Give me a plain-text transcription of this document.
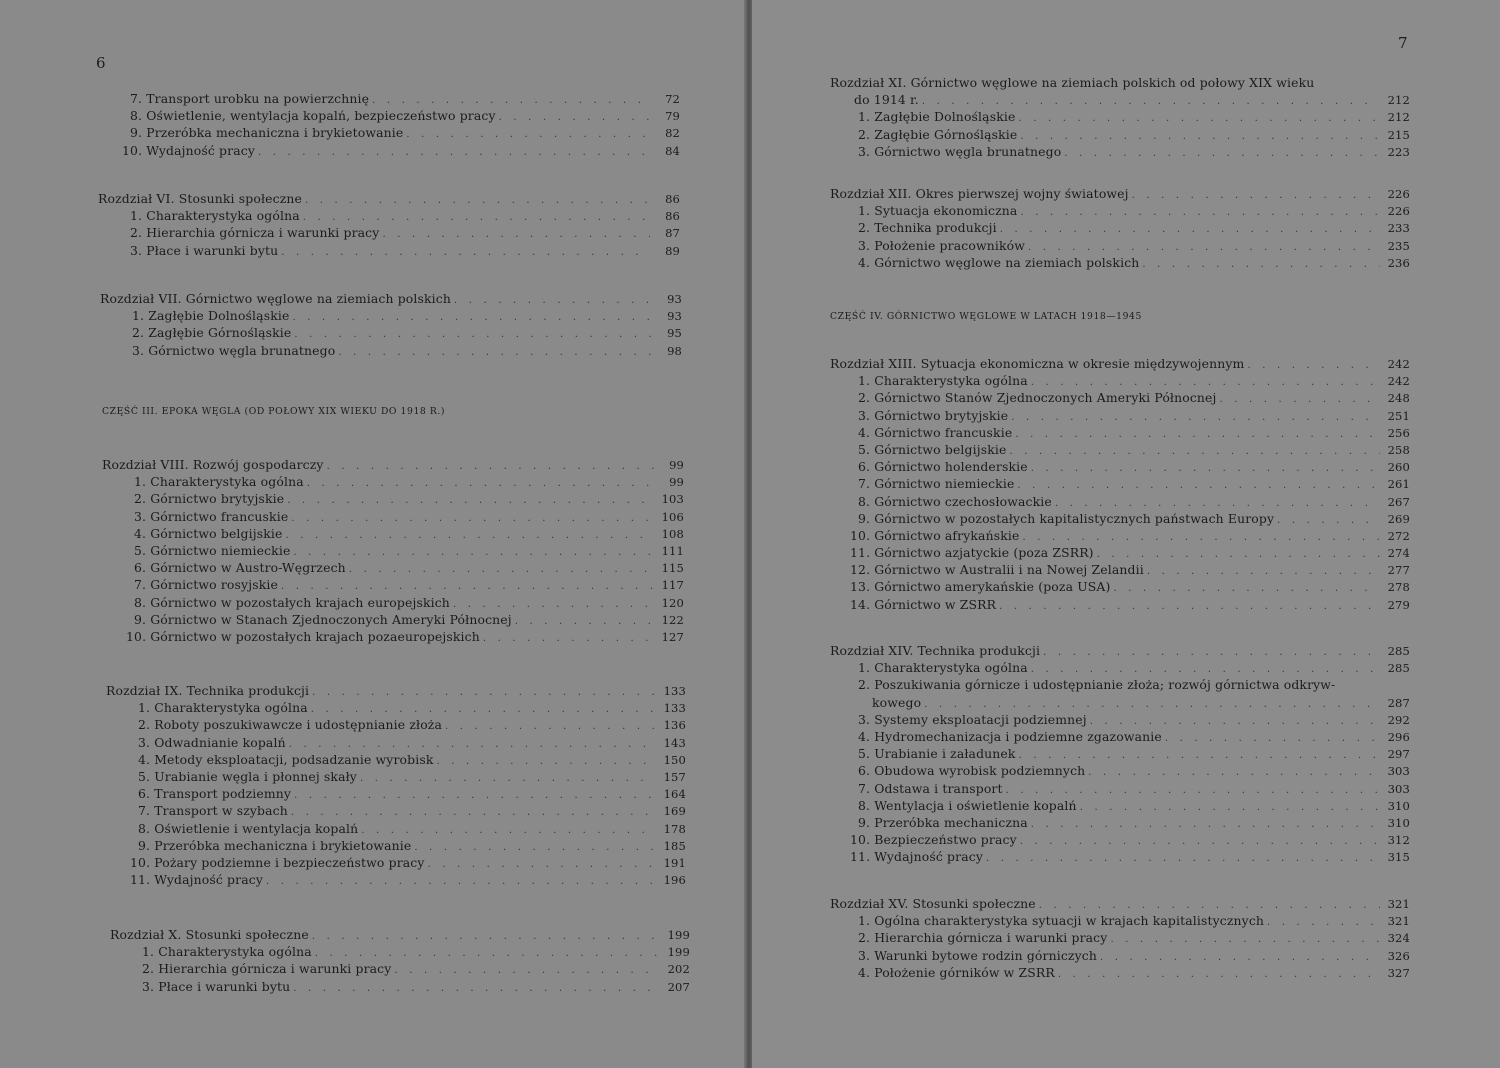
6
7. Transport urobku na powierzchnię . . .	72
8. Oświetlenie, wentylacja kopalń, bezpieczeństwo pracy . . .	79
9. Przeróbka mechaniczna i brykietowanie . . .	82
10. Wydajność pracy . . .	84
Rozdział VI. Stosunki społeczne . . .	86
1. Charakterystyka ogólna . . .	86
2. Hierarchia górnicza i warunki pracy . . .	87
3. Płace i warunki bytu . . .	89
Rozdział VII. Górnictwo węglowe na ziemiach polskich . . .	93
1. Zagłębie Dolnośląskie . . .	93
2. Zagłębie Górnośląskie . . .	95
3. Górnictwo węgla brunatnego . . .	98
CZĘŚĆ III. EPOKA WĘGLA (OD POŁOWY XIX WIEKU DO 1918 R.)
Rozdział VIII. Rozwój gospodarczy . . .	99
1. Charakterystyka ogólna . . .	99
2. Górnictwo brytyjskie . . .	103
3. Górnictwo francuskie . . .	106
4. Górnictwo belgijskie . . .	108
5. Górnictwo niemieckie . . .	111
6. Górnictwo w Austro-Węgrzech . . .	115
7. Górnictwo rosyjskie . . .	117
8. Górnictwo w pozostałych krajach europejskich . . .	120
9. Górnictwo w Stanach Zjednoczonych Ameryki Północnej . . .	122
10. Górnictwo w pozostałych krajach pozaeuropejskich . . .	127
Rozdział IX. Technika produkcji . . .	133
1. Charakterystyka ogólna . . .	133
2. Roboty poszukiwawcze i udostępnianie złoża . . .	136
3. Odwadnianie kopalń . . .	143
4. Metody eksploatacji, podsadzanie wyrobisk . . .	150
5. Urabianie węgla i płonnej skały . . .	157
6. Transport podziemny . . .	164
7. Transport w szybach . . .	169
8. Oświetlenie i wentylacja kopalń . . .	178
9. Przeróbka mechaniczna i brykietowanie . . .	185
10. Pożary podziemne i bezpieczeństwo pracy . . .	191
11. Wydajność pracy . . .	196
Rozdział X. Stosunki społeczne . . .	199
1. Charakterystyka ogólna . . .	199
2. Hierarchia górnicza i warunki pracy . . .	202
3. Płace i warunki bytu . . .	207
7
Rozdział XI. Górnictwo węglowe na ziemiach polskich od połowy XIX wieku
do 1914 r. . . .	212
1. Zagłębie Dolnośląskie . . .	212
2. Zagłębie Górnośląskie . . .	215
3. Górnictwo węgla brunatnego . . .	223
Rozdział XII. Okres pierwszej wojny światowej . . .	226
1. Sytuacja ekonomiczna . . .	226
2. Technika produkcji . . .	233
3. Położenie pracowników . . .	235
4. Górnictwo węglowe na ziemiach polskich . . .	236
CZĘŚĆ IV. GÓRNICTWO WĘGLOWE W LATACH 1918—1945
Rozdział XIII. Sytuacja ekonomiczna w okresie międzywojennym . . .	242
1. Charakterystyka ogólna . . .	242
2. Górnictwo Stanów Zjednoczonych Ameryki Północnej . . .	248
3. Górnictwo brytyjskie . . .	251
4. Górnictwo francuskie . . .	256
5. Górnictwo belgijskie . . .	258
6. Górnictwo holenderskie . . .	260
7. Górnictwo niemieckie . . .	261
8. Górnictwo czechosłowackie . . .	267
9. Górnictwo w pozostałych kapitalistycznych państwach Europy . . .	269
10. Górnictwo afrykańskie . . .	272
11. Górnictwo azjatyckie (poza ZSRR) . . .	274
12. Górnictwo w Australii i na Nowej Zelandii . . .	277
13. Górnictwo amerykańskie (poza USA) . . .	278
14. Górnictwo w ZSRR . . .	279
Rozdział XIV. Technika produkcji . . .	285
1. Charakterystyka ogólna . . .	285
2. Poszukiwania górnicze i udostępnianie złoża; rozwój górnictwa odkryw-
kowego . . .	287
3. Systemy eksploatacji podziemnej . . .	292
4. Hydromechanizacja i podziemne zgazowanie . . .	296
5. Urabianie i załadunek . . .	297
6. Obudowa wyrobisk podziemnych . . .	303
7. Odstawa i transport . . .	303
8. Wentylacja i oświetlenie kopalń . . .	310
9. Przeróbka mechaniczna . . .	310
10. Bezpieczeństwo pracy . . .	312
11. Wydajność pracy . . .	315
Rozdział XV. Stosunki społeczne . . .	321
1. Ogólna charakterystyka sytuacji w krajach kapitalistycznych . . .	321
2. Hierarchia górnicza i warunki pracy . . .	324
3. Warunki bytowe rodzin górniczych . . .	326
4. Położenie górników w ZSRR . . .	327
